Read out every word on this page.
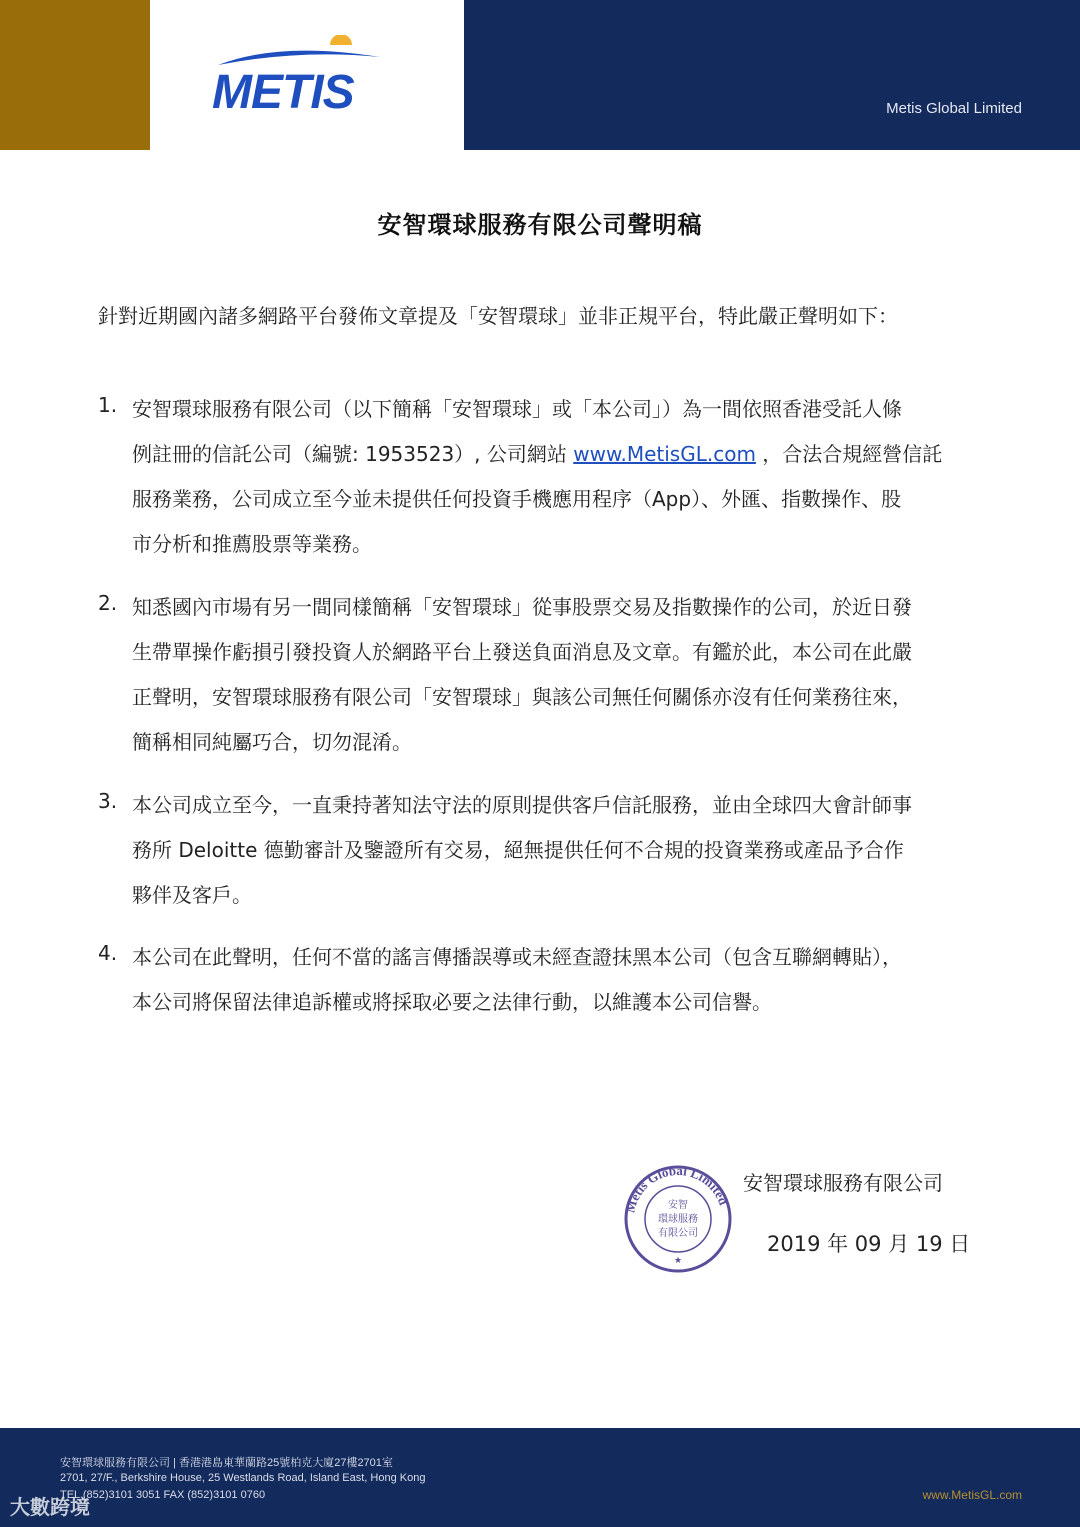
METIS	Metis Global Limited
安智環球服務有限公司聲明稿
針對近期國內諸多網路平台發佈文章提及「安智環球」並非正規平台，特此嚴正聲明如下：
1. 安智環球服務有限公司（以下簡稱「安智環球」或「本公司」）為一間依照香港受託人條
例註冊的信託公司（編號: 1953523）, 公司網站 www.MetisGL.com ，合法合規經營信託
服務業務，公司成立至今並未提供任何投資手機應用程序（App）、外匯、指數操作、股
市分析和推薦股票等業務。
2. 知悉國內市場有另一間同樣簡稱「安智環球」從事股票交易及指數操作的公司，於近日發
生帶單操作虧損引發投資人於網路平台上發送負面消息及文章。有鑑於此，本公司在此嚴
正聲明，安智環球服務有限公司「安智環球」與該公司無任何關係亦沒有任何業務往來，
簡稱相同純屬巧合，切勿混淆。
3. 本公司成立至今，一直秉持著知法守法的原則提供客戶信託服務，並由全球四大會計師事
務所 Deloitte 德勤審計及鑒證所有交易，絕無提供任何不合規的投資業務或產品予合作
夥伴及客戶。
4. 本公司在此聲明，任何不當的謠言傳播誤導或未經查證抹黑本公司（包含互聯網轉貼），
本公司將保留法律追訴權或將採取必要之法律行動，以維護本公司信譽。
Metis Global Limited
安智
環球服務
有限公司
★
安智環球服務有限公司
2019 年 09 月 19 日
安智環球服務有限公司 | 香港港島東華蘭路25號柏克大廈27樓2701室
2701, 27/F., Berkshire House, 25 Westlands Road, Island East, Hong Kong
TEL (852)3101 3051 FAX (852)3101 0760	www.MetisGL.com
大數跨境
